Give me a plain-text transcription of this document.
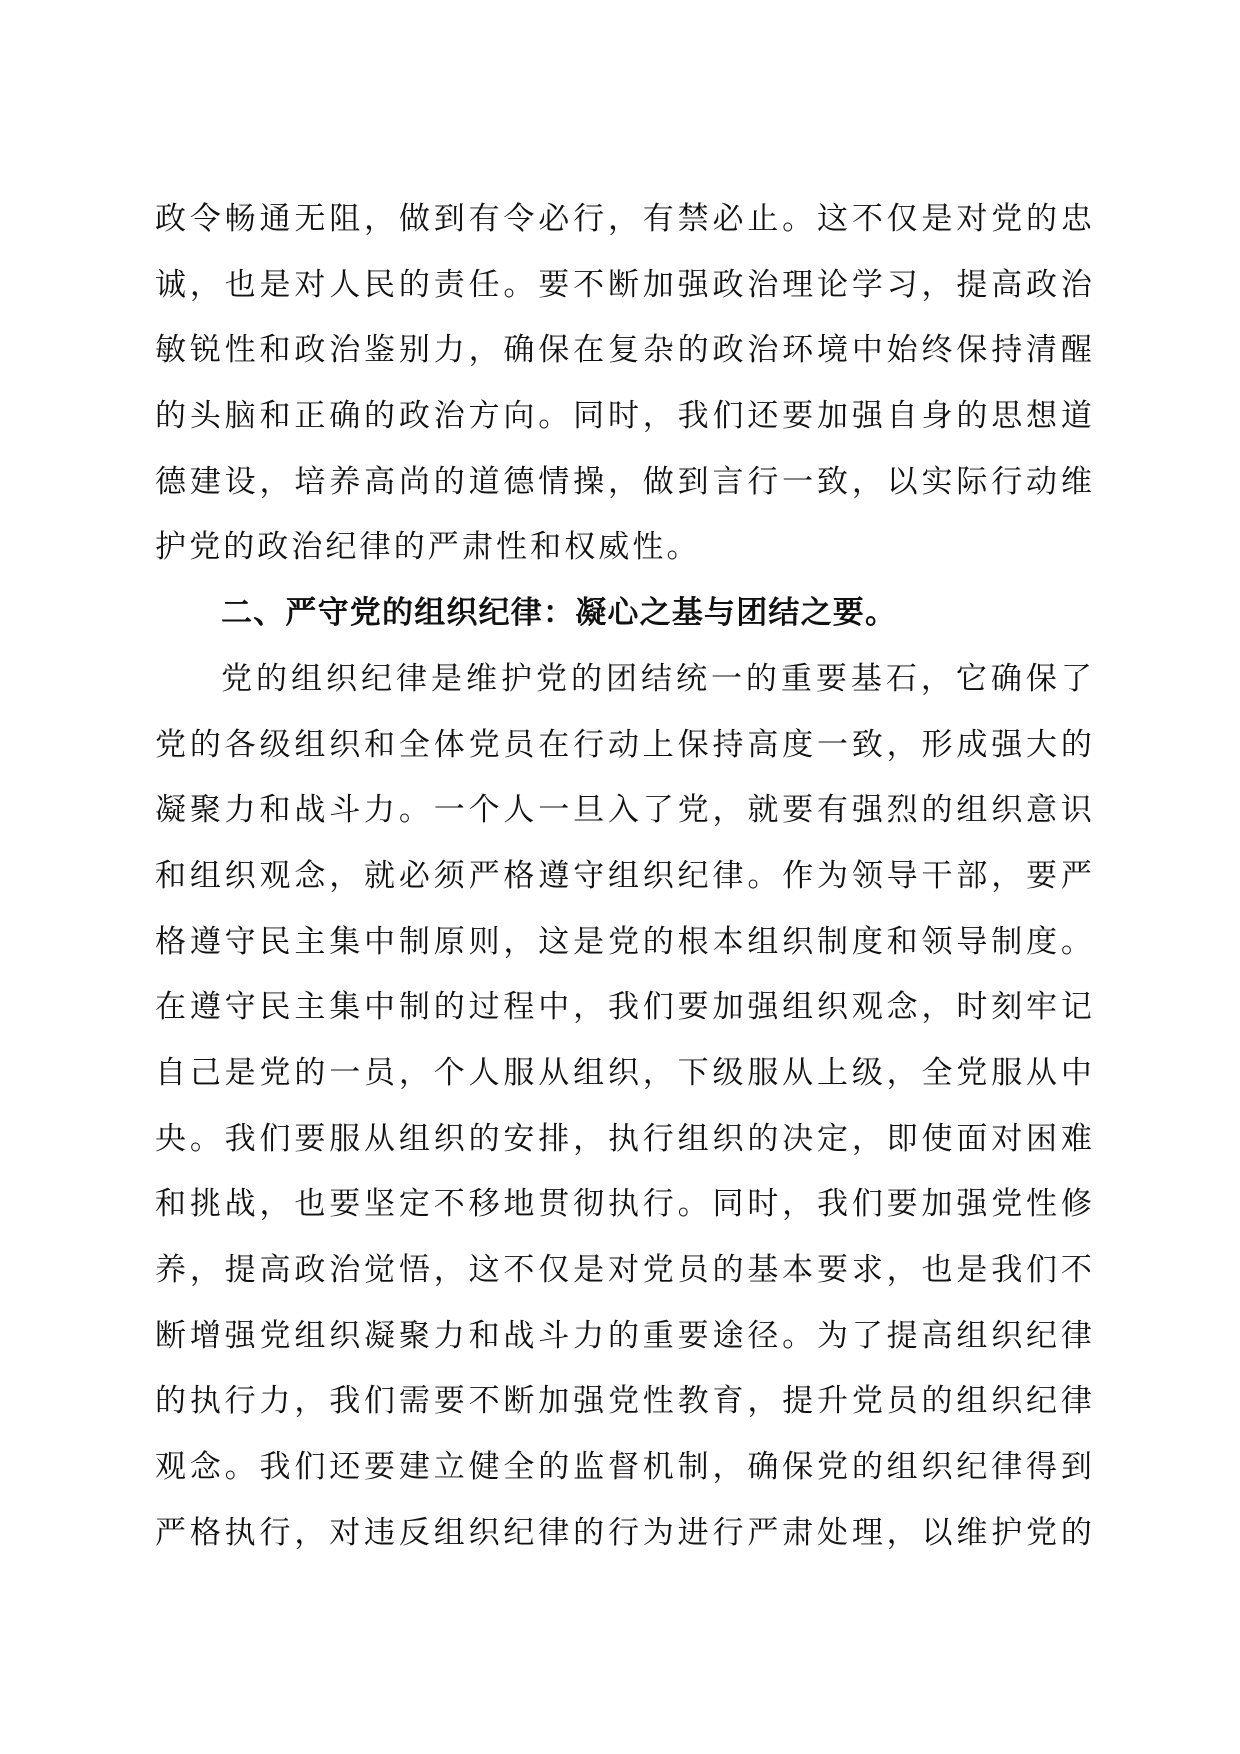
政令畅通无阻，做到有令必行，有禁必止。这不仅是对党的忠
诚，也是对人民的责任。要不断加强政治理论学习，提高政治
敏锐性和政治鉴别力，确保在复杂的政治环境中始终保持清醒
的头脑和正确的政治方向。同时，我们还要加强自身的思想道
德建设，培养高尚的道德情操，做到言行一致，以实际行动维
护党的政治纪律的严肃性和权威性。
二、严守党的组织纪律：凝心之基与团结之要。
党的组织纪律是维护党的团结统一的重要基石，它确保了
党的各级组织和全体党员在行动上保持高度一致，形成强大的
凝聚力和战斗力。一个人一旦入了党，就要有强烈的组织意识
和组织观念，就必须严格遵守组织纪律。作为领导干部，要严
格遵守民主集中制原则，这是党的根本组织制度和领导制度。
在遵守民主集中制的过程中，我们要加强组织观念，时刻牢记
自己是党的一员，个人服从组织，下级服从上级，全党服从中
央。我们要服从组织的安排，执行组织的决定，即使面对困难
和挑战，也要坚定不移地贯彻执行。同时，我们要加强党性修
养，提高政治觉悟，这不仅是对党员的基本要求，也是我们不
断增强党组织凝聚力和战斗力的重要途径。为了提高组织纪律
的执行力，我们需要不断加强党性教育，提升党员的组织纪律
观念。我们还要建立健全的监督机制，确保党的组织纪律得到
严格执行，对违反组织纪律的行为进行严肃处理，以维护党的
